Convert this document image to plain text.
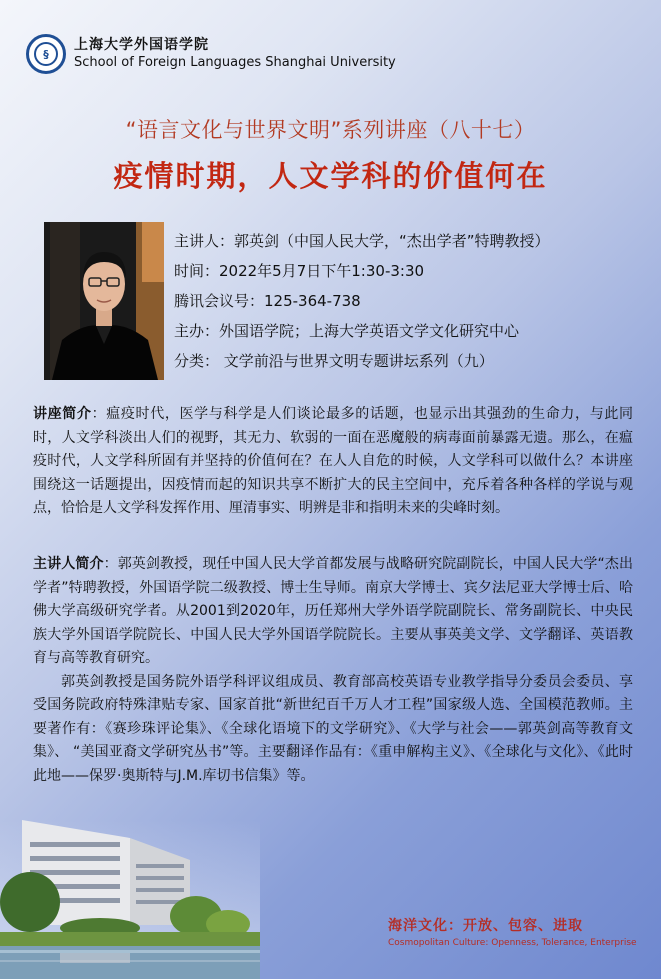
§
上海大学外国语学院
School of Foreign Languages Shanghai University
“语言文化与世界文明”系列讲座（八十七）
疫情时期，人文学科的价值何在
主讲人：郭英剑（中国人民大学，“杰出学者”特聘教授）
时间：2022年5月7日下午1:30-3:30
腾讯会议号：125-364-738
主办：外国语学院；上海大学英语文学文化研究中心
分类： 文学前沿与世界文明专题讲坛系列（九）
讲座简介：瘟疫时代，医学与科学是人们谈论最多的话题，也显示出其强劲的生命力，与此同时，人文学科淡出人们的视野，其无力、软弱的一面在恶魔般的病毒面前暴露无遗。那么，在瘟疫时代，人文学科所固有并坚持的价值何在？在人人自危的时候，人文学科可以做什么？本讲座围绕这一话题提出，因疫情而起的知识共享不断扩大的民主空间中，充斥着各种各样的学说与观点，恰恰是人文学科发挥作用、厘清事实、明辨是非和指明未来的尖峰时刻。
主讲人简介：郭英剑教授，现任中国人民大学首都发展与战略研究院副院长，中国人民大学“杰出学者”特聘教授，外国语学院二级教授、博士生导师。南京大学博士、宾夕法尼亚大学博士后、哈佛大学高级研究学者。从2001到2020年，历任郑州大学外语学院副院长、常务副院长、中央民族大学外国语学院院长、中国人民大学外国语学院院长。主要从事英美文学、文学翻译、英语教育与高等教育研究。
郭英剑教授是国务院外语学科评议组成员、教育部高校英语专业教学指导分委员会委员、享受国务院政府特殊津贴专家、国家首批“新世纪百千万人才工程”国家级人选、全国模范教师。主要著作有：《赛珍珠评论集》、《全球化语境下的文学研究》、《大学与社会——郭英剑高等教育文集》、 “美国亚裔文学研究丛书”等。主要翻译作品有：《重申解构主义》、《全球化与文化》、《此时此地——保罗·奥斯特与J.M.库切书信集》等。
海洋文化：开放、包容、进取
Cosmopolitan Culture: Openness, Tolerance, Enterprise
